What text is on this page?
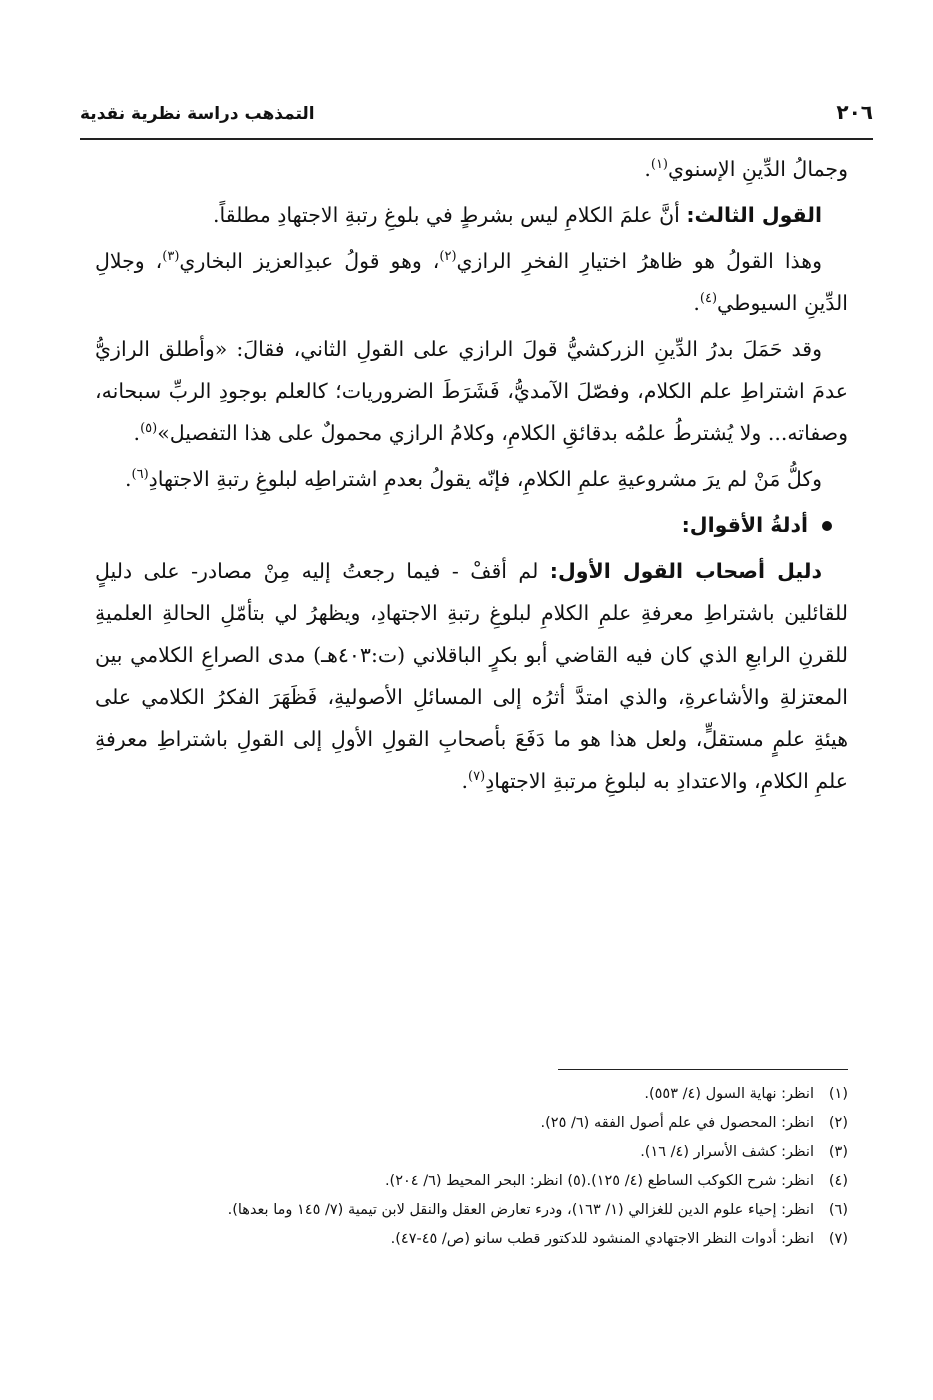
٢٠٦
التمذهب دراسة نظرية نقدية

وجمالُ الدِّينِ الإسنوي$^{(١)}$.

القول الثالث: أنَّ علمَ الكلامِ ليس بشرطٍ في بلوغِ رتبةِ الاجتهادِ مطلقاً.

وهذا القولُ هو ظاهرُ اختيارِ الفخرِ الرازي$^{(٢)}$، وهو قولُ عبدِالعزيز البخاري$^{(٣)}$، وجلالِ الدِّينِ السيوطي$^{(٤)}$.

وقد حَمَلَ بدرُ الدِّينِ الزركشيُّ قولَ الرازي على القولِ الثاني، فقالَ: «وأطلق الرازيُّ عدمَ اشتراطِ علم الكلام، وفصّلَ الآمديُّ، فَشَرَطَ الضروريات؛ كالعلم بوجودِ الربِّ سبحانه، وصفاته... ولا يُشترطُ علمُه بدقائقِ الكلامِ، وكلامُ الرازي محمولٌ على هذا التفصيل»$^{(٥)}$.

وكلُّ مَنْ لم يرَ مشروعيةِ علمِ الكلامِ، فإنّه يقولُ بعدمِ اشتراطِه لبلوغِ رتبةِ الاجتهادِ$^{(٦)}$.

أدلةُ الأقوال:

دليل أصحاب القول الأول: لم أقفْ - فيما رجعتُ إليه مِنْ مصادر- على دليلٍ للقائلين باشتراطِ معرفةِ علمِ الكلامِ لبلوغِ رتبةِ الاجتهادِ، ويظهرُ لي بتأمّلِ الحالةِ العلميةِ للقرنِ الرابعِ الذي كان فيه القاضي أبو بكرٍ الباقلاني (ت:٤٠٣هـ) مدى الصراعِ الكلامي بين المعتزلةِ والأشاعرةِ، والذي امتدَّ أثرُه إلى المسائلِ الأصوليةِ، فَظَهَرَ الفكرُ الكلامي على هيئةِ علمٍ مستقلٍّ، ولعل هذا هو ما دَفَعَ بأصحابِ القولِ الأولِ إلى القولِ باشتراطِ معرفةِ علمِ الكلامِ، والاعتدادِ به لبلوغِ مرتبةِ الاجتهادِ$^{(٧)}$.

(١)
انظر: نهاية السول (٤/ ٥٥٣).
(٢)
انظر: المحصول في علم أصول الفقه (٦/ ٢٥).
(٣)
انظر: كشف الأسرار (٤/ ١٦).
(٤)
انظر: شرح الكوكب الساطع (٤/ ١٢٥).(٥) انظر: البحر المحيط (٦/ ٢٠٤).
(٦)
انظر: إحياء علوم الدين للغزالي (١/ ١٦٣)، ودرء تعارض العقل والنقل لابن تيمية (٧/ ١٤٥ وما بعدها).
(٧)
انظر: أدوات النظر الاجتهادي المنشود للدكتور قطب سانو (ص/ ٤٥-٤٧).
